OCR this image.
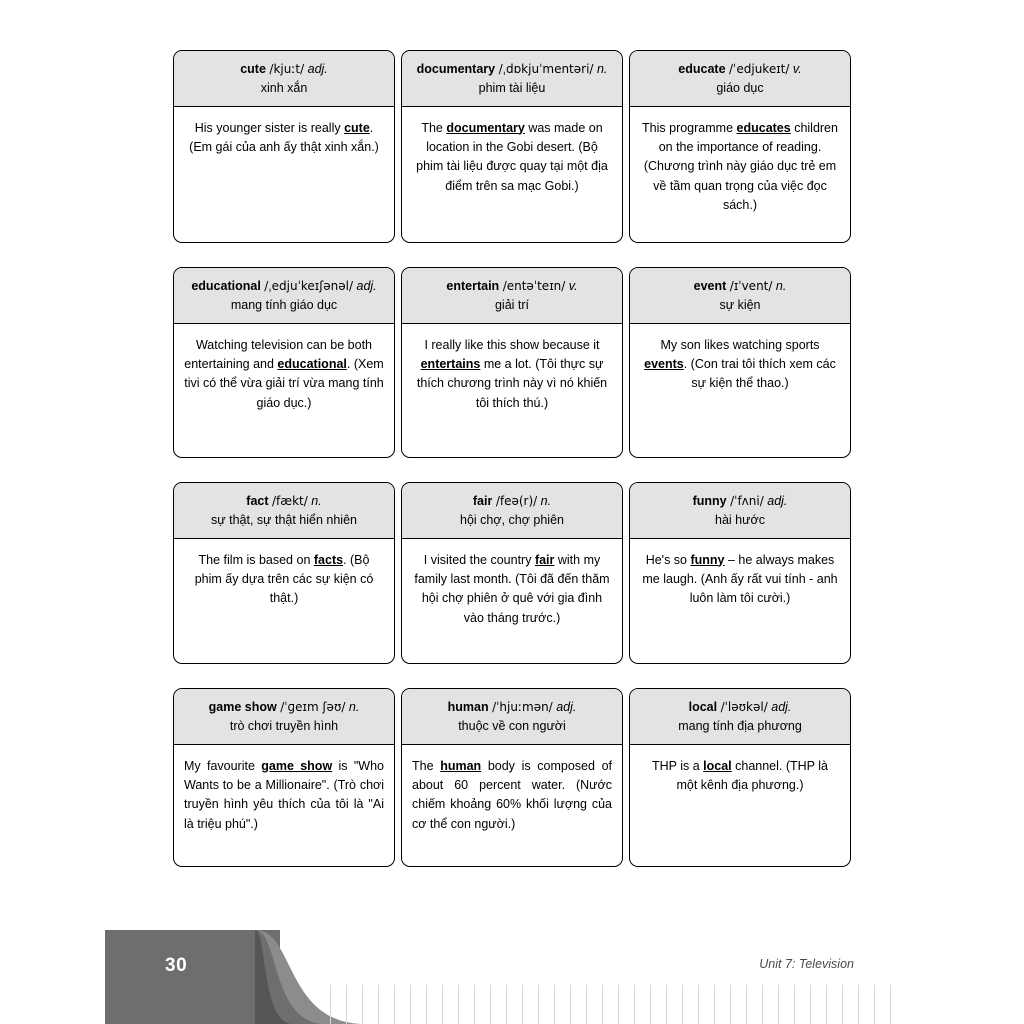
cute /kjuːt/ adj.
xinh xắn
His younger sister is really cute. (Em gái của anh ấy thật xinh xắn.)
documentary /ˌdɒkjuˈmentəri/ n.
phim tài liệu
The documentary was made on location in the Gobi desert. (Bộ phim tài liệu được quay tại một địa điểm trên sa mạc Gobi.)
educate /ˈedjukeɪt/ v.
giáo dục
This programme educates children on the importance of reading. (Chương trình này giáo dục trẻ em về tầm quan trọng của việc đọc sách.)
educational /ˌedjuˈkeɪʃənəl/ adj.
mang tính giáo dục
Watching television can be both entertaining and educational. (Xem tivi có thể vừa giải trí vừa mang tính giáo dục.)
entertain /entəˈteɪn/ v.
giải trí
I really like this show because it entertains me a lot. (Tôi thực sự thích chương trình này vì nó khiến tôi thích thú.)
event /ɪˈvent/ n.
sự kiện
My son likes watching sports events. (Con trai tôi thích xem các sự kiện thể thao.)
fact /fækt/ n.
sự thật, sự thật hiển nhiên
The film is based on facts. (Bộ phim ấy dựa trên các sự kiện có thật.)
fair /feə(r)/ n.
hội chợ, chợ phiên
I visited the country fair with my family last month. (Tôi đã đến thăm hội chợ phiên ở quê với gia đình vào tháng trước.)
funny /ˈfʌni/ adj.
hài hước
He's so funny – he always makes me laugh. (Anh ấy rất vui tính - anh luôn làm tôi cười.)
game show /ˈɡeɪm ʃəʊ/ n.
trò chơi truyền hình
My favourite game show is "Who Wants to be a Millionaire". (Trò chơi truyền hình yêu thích của tôi là "Ai là triệu phú".)
human /ˈhjuːmən/ adj.
thuộc về con người
The human body is composed of about 60 percent water. (Nước chiếm khoảng 60% khối lượng của cơ thể con người.)
local /ˈləʊkəl/ adj.
mang tính địa phương
THP is a local channel. (THP là một kênh địa phương.)
30	Unit 7: Television
